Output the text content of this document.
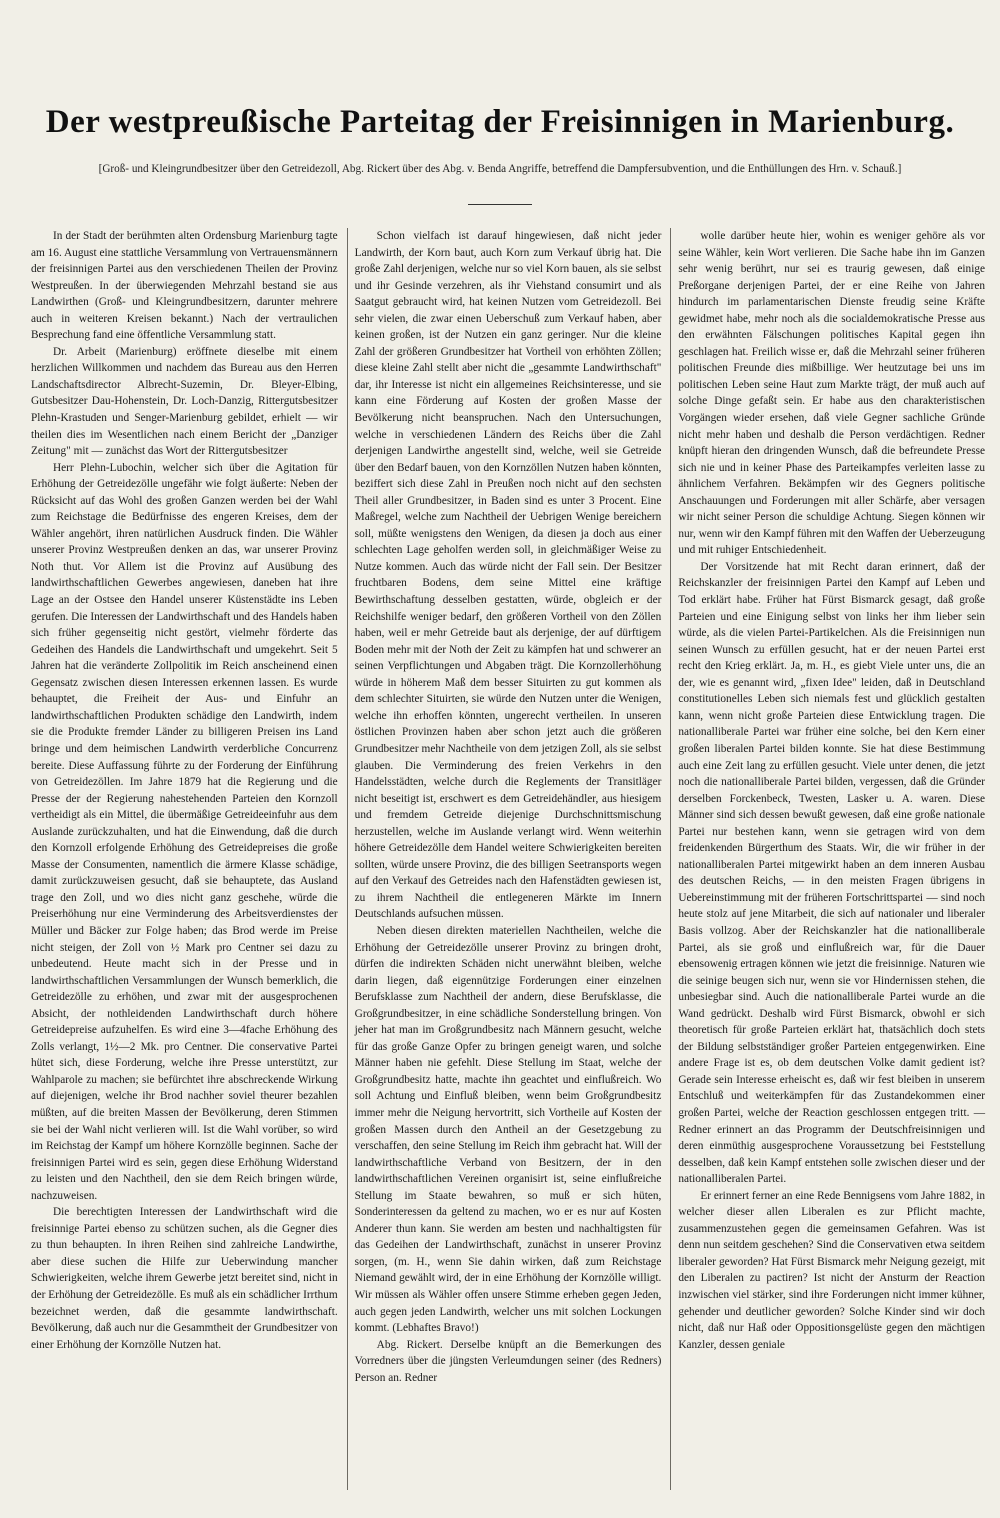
Der westpreußische Parteitag der Freisinnigen in Marienburg.

[Groß- und Kleingrundbesitzer über den Getreidezoll, Abg. Rickert über des Abg. v. Benda Angriffe, betreffend die Dampfersubvention, und die Enthüllungen des Hrn. v. Schauß.]

In der Stadt der berühmten alten Ordensburg Marienburg tagte am 16. August eine stattliche Versammlung von Vertrauensmännern der freisinnigen Partei aus den verschiedenen Theilen der Provinz Westpreußen. In der überwiegenden Mehrzahl bestand sie aus Landwirthen (Groß- und Kleingrundbesitzern, darunter mehrere auch in weiteren Kreisen bekannt.) Nach der vertraulichen Besprechung fand eine öffentliche Versammlung statt.

Dr. Arbeit (Marienburg) eröffnete dieselbe mit einem herzlichen Willkommen und nachdem das Bureau aus den Herren Landschaftsdirector Albrecht-Suzemin, Dr. Bleyer-Elbing, Gutsbesitzer Dau-Hohenstein, Dr. Loch-Danzig, Rittergutsbesitzer Plehn-Krastuden und Senger-Marienburg gebildet, erhielt — wir theilen dies im Wesentlichen nach einem Bericht der „Danziger Zeitung" mit — zunächst das Wort der Rittergutsbesitzer

Herr Plehn-Lubochin, welcher sich über die Agitation für Erhöhung der Getreidezölle ungefähr wie folgt äußerte: Neben der Rücksicht auf das Wohl des großen Ganzen werden bei der Wahl zum Reichstage die Bedürfnisse des engeren Kreises, dem der Wähler angehört, ihren natürlichen Ausdruck finden. Die Wähler unserer Provinz Westpreußen denken an das, war unserer Provinz Noth thut. Vor Allem ist die Provinz auf Ausübung des landwirthschaftlichen Gewerbes angewiesen, daneben hat ihre Lage an der Ostsee den Handel unserer Küstenstädte ins Leben gerufen. Die Interessen der Landwirthschaft und des Handels haben sich früher gegenseitig nicht gestört, vielmehr förderte das Gedeihen des Handels die Landwirthschaft und umgekehrt. Seit 5 Jahren hat die veränderte Zollpolitik im Reich anscheinend einen Gegensatz zwischen diesen Interessen erkennen lassen. Es wurde behauptet, die Freiheit der Aus- und Einfuhr an landwirthschaftlichen Produkten schädige den Landwirth, indem sie die Produkte fremder Länder zu billigeren Preisen ins Land bringe und dem heimischen Landwirth verderbliche Concurrenz bereite. Diese Auffassung führte zu der Forderung der Einführung von Getreidezöllen. Im Jahre 1879 hat die Regierung und die Presse der der Regierung nahestehenden Parteien den Kornzoll vertheidigt als ein Mittel, die übermäßige Getreideeinfuhr aus dem Auslande zurückzuhalten, und hat die Einwendung, daß die durch den Kornzoll erfolgende Erhöhung des Getreidepreises die große Masse der Consumenten, namentlich die ärmere Klasse schädige, damit zurückzuweisen gesucht, daß sie behauptete, das Ausland trage den Zoll, und wo dies nicht ganz geschehe, würde die Preiserhöhung nur eine Verminderung des Arbeitsverdienstes der Müller und Bäcker zur Folge haben; das Brod werde im Preise nicht steigen, der Zoll von ½ Mark pro Centner sei dazu zu unbedeutend. Heute macht sich in der Presse und in landwirthschaftlichen Versammlungen der Wunsch bemerklich, die Getreidezölle zu erhöhen, und zwar mit der ausgesprochenen Absicht, der nothleidenden Landwirthschaft durch höhere Getreidepreise aufzuhelfen. Es wird eine 3—4fache Erhöhung des Zolls verlangt, 1½—2 Mk. pro Centner. Die conservative Partei hütet sich, diese Forderung, welche ihre Presse unterstützt, zur Wahlparole zu machen; sie befürchtet ihre abschreckende Wirkung auf diejenigen, welche ihr Brod nachher soviel theurer bezahlen müßten, auf die breiten Massen der Bevölkerung, deren Stimmen sie bei der Wahl nicht verlieren will. Ist die Wahl vorüber, so wird im Reichstag der Kampf um höhere Kornzölle beginnen. Sache der freisinnigen Partei wird es sein, gegen diese Erhöhung Widerstand zu leisten und den Nachtheil, den sie dem Reich bringen würde, nachzuweisen.

Die berechtigten Interessen der Landwirthschaft wird die freisinnige Partei ebenso zu schützen suchen, als die Gegner dies zu thun behaupten. In ihren Reihen sind zahlreiche Landwirthe, aber diese suchen die Hilfe zur Ueberwindung mancher Schwierigkeiten, welche ihrem Gewerbe jetzt bereitet sind, nicht in der Erhöhung der Getreidezölle. Es muß als ein schädlicher Irrthum bezeichnet werden, daß die gesammte landwirthschaft. Bevölkerung, daß auch nur die Gesammtheit der Grundbesitzer von einer Erhöhung der Kornzölle Nutzen hat.

Schon vielfach ist darauf hingewiesen, daß nicht jeder Landwirth, der Korn baut, auch Korn zum Verkauf übrig hat. Die große Zahl derjenigen, welche nur so viel Korn bauen, als sie selbst und ihr Gesinde verzehren, als ihr Viehstand consumirt und als Saatgut gebraucht wird, hat keinen Nutzen vom Getreidezoll. Bei sehr vielen, die zwar einen Ueberschuß zum Verkauf haben, aber keinen großen, ist der Nutzen ein ganz geringer. Nur die kleine Zahl der größeren Grundbesitzer hat Vortheil von erhöhten Zöllen; diese kleine Zahl stellt aber nicht die „gesammte Landwirthschaft" dar, ihr Interesse ist nicht ein allgemeines Reichsinteresse, und sie kann eine Förderung auf Kosten der großen Masse der Bevölkerung nicht beanspruchen. Nach den Untersuchungen, welche in verschiedenen Ländern des Reichs über die Zahl derjenigen Landwirthe angestellt sind, welche, weil sie Getreide über den Bedarf bauen, von den Kornzöllen Nutzen haben könnten, beziffert sich diese Zahl in Preußen noch nicht auf den sechsten Theil aller Grundbesitzer, in Baden sind es unter 3 Procent. Eine Maßregel, welche zum Nachtheil der Uebrigen Wenige bereichern soll, müßte wenigstens den Wenigen, da diesen ja doch aus einer schlechten Lage geholfen werden soll, in gleichmäßiger Weise zu Nutze kommen. Auch das würde nicht der Fall sein. Der Besitzer fruchtbaren Bodens, dem seine Mittel eine kräftige Bewirthschaftung desselben gestatten, würde, obgleich er der Reichshilfe weniger bedarf, den größeren Vortheil von den Zöllen haben, weil er mehr Getreide baut als derjenige, der auf dürftigem Boden mehr mit der Noth der Zeit zu kämpfen hat und schwerer an seinen Verpflichtungen und Abgaben trägt. Die Kornzollerhöhung würde in höherem Maß dem besser Situirten zu gut kommen als dem schlechter Situirten, sie würde den Nutzen unter die Wenigen, welche ihn erhoffen könnten, ungerecht vertheilen. In unseren östlichen Provinzen haben aber schon jetzt auch die größeren Grundbesitzer mehr Nachtheile von dem jetzigen Zoll, als sie selbst glauben. Die Verminderung des freien Verkehrs in den Handelsstädten, welche durch die Reglements der Transitläger nicht beseitigt ist, erschwert es dem Getreidehändler, aus hiesigem und fremdem Getreide diejenige Durchschnittsmischung herzustellen, welche im Auslande verlangt wird. Wenn weiterhin höhere Getreidezölle dem Handel weitere Schwierigkeiten bereiten sollten, würde unsere Provinz, die des billigen Seetransports wegen auf den Verkauf des Getreides nach den Hafenstädten gewiesen ist, zu ihrem Nachtheil die entlegeneren Märkte im Innern Deutschlands aufsuchen müssen.

Neben diesen direkten materiellen Nachtheilen, welche die Erhöhung der Getreidezölle unserer Provinz zu bringen droht, dürfen die indirekten Schäden nicht unerwähnt bleiben, welche darin liegen, daß eigennützige Forderungen einer einzelnen Berufsklasse zum Nachtheil der andern, diese Berufsklasse, die Großgrundbesitzer, in eine schädliche Sonderstellung bringen. Von jeher hat man im Großgrundbesitz nach Männern gesucht, welche für das große Ganze Opfer zu bringen geneigt waren, und solche Männer haben nie gefehlt. Diese Stellung im Staat, welche der Großgrundbesitz hatte, machte ihn geachtet und einflußreich. Wo soll Achtung und Einfluß bleiben, wenn beim Großgrundbesitz immer mehr die Neigung hervortritt, sich Vortheile auf Kosten der großen Massen durch den Antheil an der Gesetzgebung zu verschaffen, den seine Stellung im Reich ihm gebracht hat. Will der landwirthschaftliche Verband von Besitzern, der in den landwirthschaftlichen Vereinen organisirt ist, seine einflußreiche Stellung im Staate bewahren, so muß er sich hüten, Sonderinteressen da geltend zu machen, wo er es nur auf Kosten Anderer thun kann. Sie werden am besten und nachhaltigsten für das Gedeihen der Landwirthschaft, zunächst in unserer Provinz sorgen, (m. H., wenn Sie dahin wirken, daß zum Reichstage Niemand gewählt wird, der in eine Erhöhung der Kornzölle willigt. Wir müssen als Wähler offen unsere Stimme erheben gegen Jeden, auch gegen jeden Landwirth, welcher uns mit solchen Lockungen kommt. (Lebhaftes Bravo!)

Abg. Rickert. Derselbe knüpft an die Bemerkungen des Vorredners über die jüngsten Verleumdungen seiner (des Redners) Person an. Redner

wolle darüber heute hier, wohin es weniger gehöre als vor seine Wähler, kein Wort verlieren. Die Sache habe ihn im Ganzen sehr wenig berührt, nur sei es traurig gewesen, daß einige Preßorgane derjenigen Partei, der er eine Reihe von Jahren hindurch im parlamentarischen Dienste freudig seine Kräfte gewidmet habe, mehr noch als die socialdemokratische Presse aus den erwähnten Fälschungen politisches Kapital gegen ihn geschlagen hat. Freilich wisse er, daß die Mehrzahl seiner früheren politischen Freunde dies mißbillige. Wer heutzutage bei uns im politischen Leben seine Haut zum Markte trägt, der muß auch auf solche Dinge gefaßt sein. Er habe aus den charakteristischen Vorgängen wieder ersehen, daß viele Gegner sachliche Gründe nicht mehr haben und deshalb die Person verdächtigen. Redner knüpft hieran den dringenden Wunsch, daß die befreundete Presse sich nie und in keiner Phase des Parteikampfes verleiten lasse zu ähnlichem Verfahren. Bekämpfen wir des Gegners politische Anschauungen und Forderungen mit aller Schärfe, aber versagen wir nicht seiner Person die schuldige Achtung. Siegen können wir nur, wenn wir den Kampf führen mit den Waffen der Ueberzeugung und mit ruhiger Entschiedenheit.

Der Vorsitzende hat mit Recht daran erinnert, daß der Reichskanzler der freisinnigen Partei den Kampf auf Leben und Tod erklärt habe. Früher hat Fürst Bismarck gesagt, daß große Parteien und eine Einigung selbst von links her ihm lieber sein würde, als die vielen Partei-Partikelchen. Als die Freisinnigen nun seinen Wunsch zu erfüllen gesucht, hat er der neuen Partei erst recht den Krieg erklärt. Ja, m. H., es giebt Viele unter uns, die an der, wie es genannt wird, „fixen Idee" leiden, daß in Deutschland constitutionelles Leben sich niemals fest und glücklich gestalten kann, wenn nicht große Parteien diese Entwicklung tragen. Die nationalliberale Partei war früher eine solche, bei den Kern einer großen liberalen Partei bilden konnte. Sie hat diese Bestimmung auch eine Zeit lang zu erfüllen gesucht. Viele unter denen, die jetzt noch die nationalliberale Partei bilden, vergessen, daß die Gründer derselben Forckenbeck, Twesten, Lasker u. A. waren. Diese Männer sind sich dessen bewußt gewesen, daß eine große nationale Partei nur bestehen kann, wenn sie getragen wird von dem freidenkenden Bürgerthum des Staats. Wir, die wir früher in der nationalliberalen Partei mitgewirkt haben an dem inneren Ausbau des deutschen Reichs, — in den meisten Fragen übrigens in Uebereinstimmung mit der früheren Fortschrittspartei — sind noch heute stolz auf jene Mitarbeit, die sich auf nationaler und liberaler Basis vollzog. Aber der Reichskanzler hat die nationalliberale Partei, als sie groß und einflußreich war, für die Dauer ebensowenig ertragen können wie jetzt die freisinnige. Naturen wie die seinige beugen sich nur, wenn sie vor Hindernissen stehen, die unbesiegbar sind. Auch die nationalliberale Partei wurde an die Wand gedrückt. Deshalb wird Fürst Bismarck, obwohl er sich theoretisch für große Parteien erklärt hat, thatsächlich doch stets der Bildung selbstständiger großer Parteien entgegenwirken. Eine andere Frage ist es, ob dem deutschen Volke damit gedient ist? Gerade sein Interesse erheischt es, daß wir fest bleiben in unserem Entschluß und weiterkämpfen für das Zustandekommen einer großen Partei, welche der Reaction geschlossen entgegen tritt. — Redner erinnert an das Programm der Deutschfreisinnigen und deren einmüthig ausgesprochene Voraussetzung bei Feststellung desselben, daß kein Kampf entstehen solle zwischen dieser und der nationalliberalen Partei.

Er erinnert ferner an eine Rede Bennigsens vom Jahre 1882, in welcher dieser allen Liberalen es zur Pflicht machte, zusammenzustehen gegen die gemeinsamen Gefahren. Was ist denn nun seitdem geschehen? Sind die Conservativen etwa seitdem liberaler geworden? Hat Fürst Bismarck mehr Neigung gezeigt, mit den Liberalen zu pactiren? Ist nicht der Ansturm der Reaction inzwischen viel stärker, sind ihre Forderungen nicht immer kühner, gehender und deutlicher geworden? Solche Kinder sind wir doch nicht, daß nur Haß oder Oppositionsgelüste gegen den mächtigen Kanzler, dessen geniale
